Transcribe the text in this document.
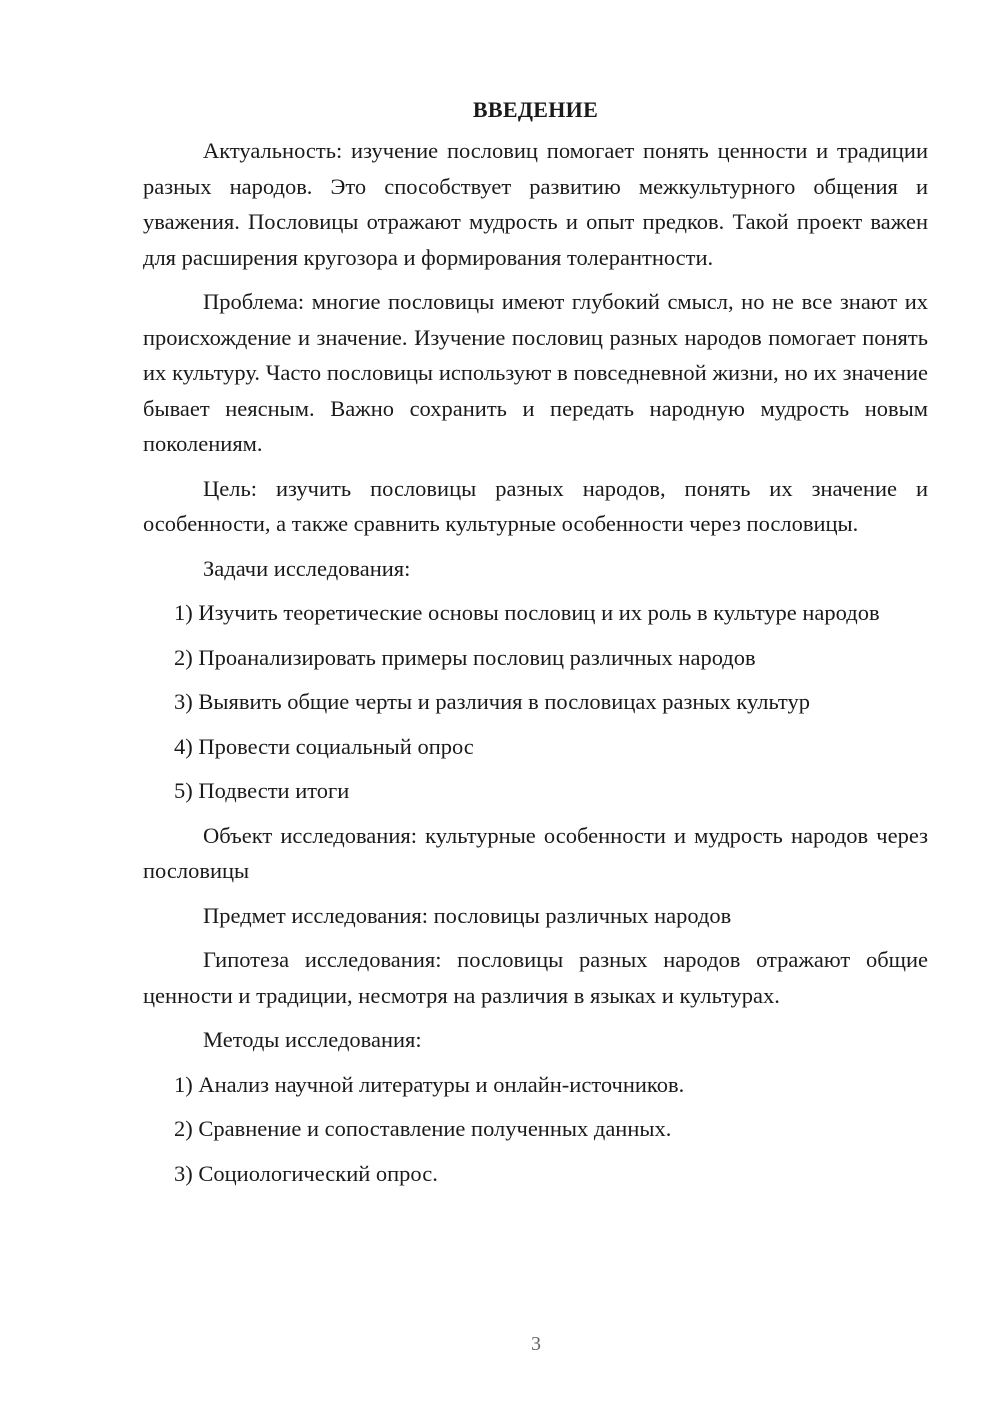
ВВЕДЕНИЕ

Актуальность: изучение пословиц помогает понять ценности и традиции разных народов. Это способствует развитию межкультурного общения и уважения. Пословицы отражают мудрость и опыт предков. Такой проект важен для расширения кругозора и формирования толерантности.

Проблема: многие пословицы имеют глубокий смысл, но не все знают их происхождение и значение. Изучение пословиц разных народов помогает понять их культуру. Часто пословицы используют в повседневной жизни, но их значение бывает неясным. Важно сохранить и передать народную мудрость новым поколениям.

Цель: изучить пословицы разных народов, понять их значение и особенности, а также сравнить культурные особенности через пословицы.

Задачи исследования:

1) Изучить теоретические основы пословиц и их роль в культуре народов

2) Проанализировать примеры пословиц различных народов

3) Выявить общие черты и различия в пословицах разных культур

4) Провести социальный опрос

5) Подвести итоги

Объект исследования: культурные особенности и мудрость народов через пословицы

Предмет исследования: пословицы различных народов

Гипотеза исследования: пословицы разных народов отражают общие ценности и традиции, несмотря на различия в языках и культурах.

Методы исследования:

1) Анализ научной литературы и онлайн-источников.

2) Сравнение и сопоставление полученных данных.

3) Социологический опрос.

3
